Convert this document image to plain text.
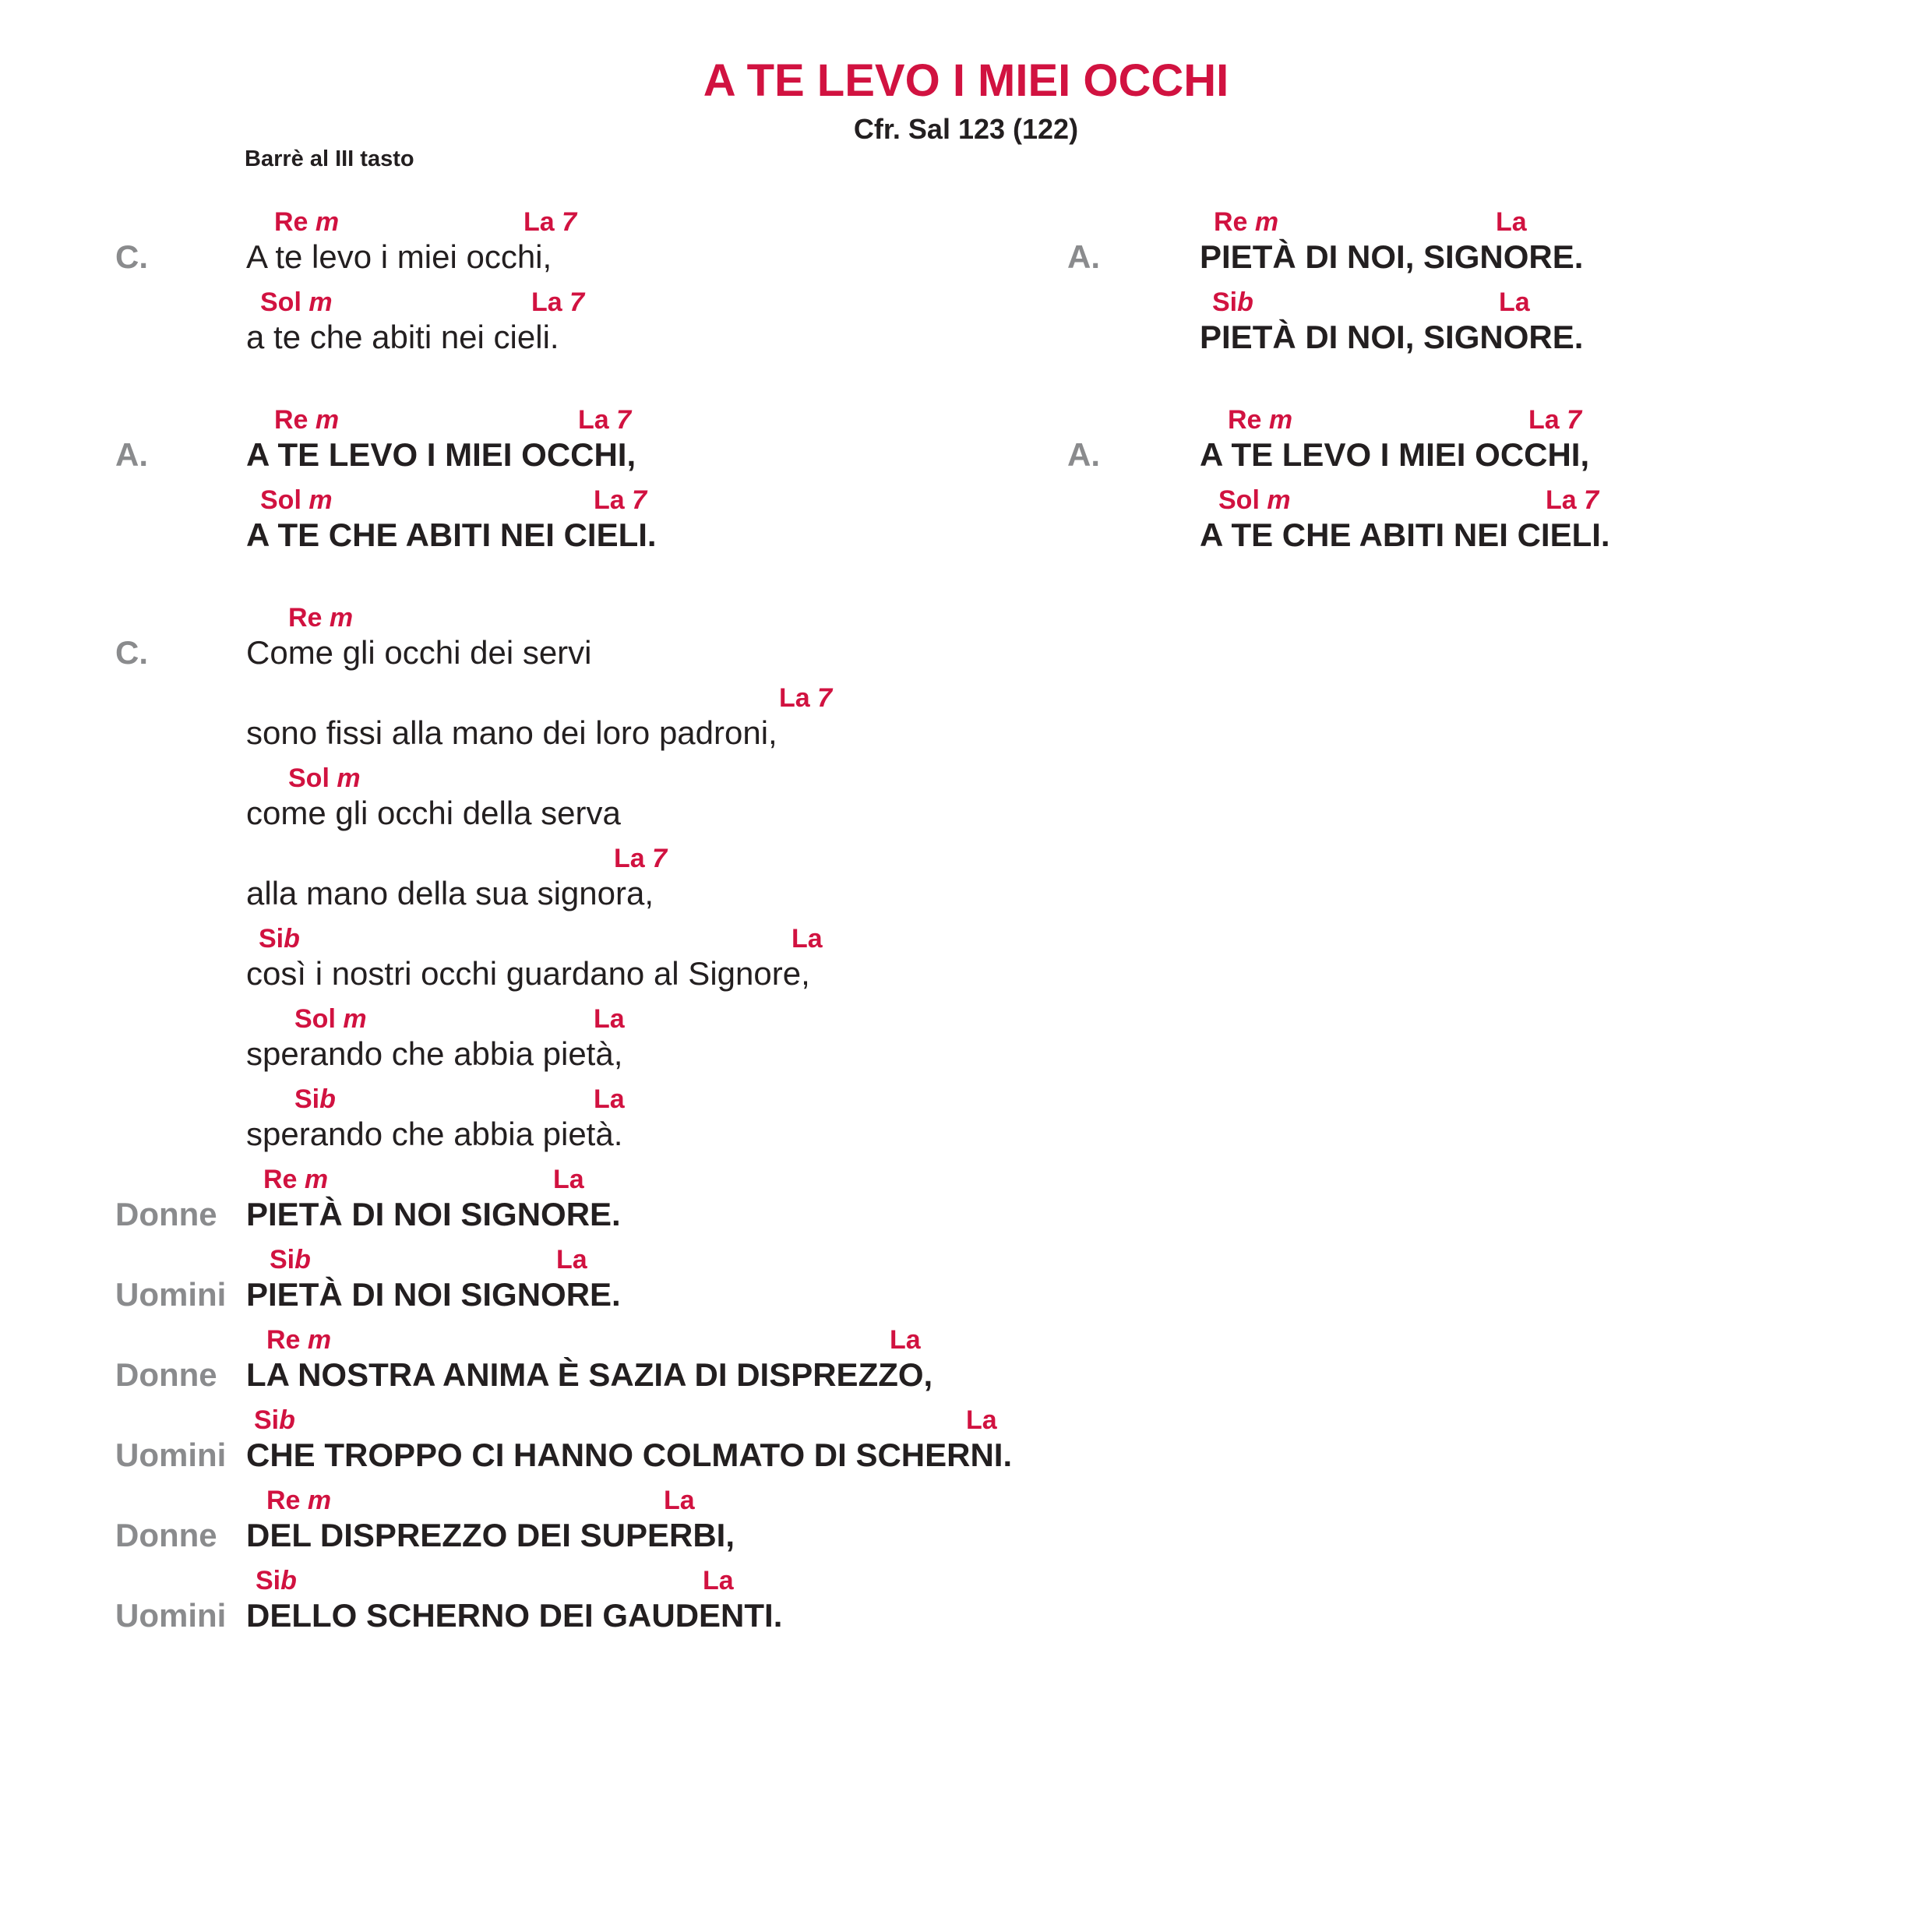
A TE LEVO I MIEI OCCHI
Cfr. Sal 123 (122)
Barrè al III tasto
C.
Re m	La 7
A te levo i miei occhi,
Sol m	La 7
a te che abiti nei cieli.
A.
Re m	La 7
A TE LEVO I MIEI OCCHI,
Sol m	La 7
A TE CHE ABITI NEI CIELI.
C.
Re m
Come gli occhi dei servi
La 7
sono fissi alla mano dei loro padroni,
Sol m
come gli occhi della serva
La 7
alla mano della sua signora,
Sib	La
così i nostri occhi guardano al Signore,
Sol m	La
sperando che abbia pietà,
Sib	La
sperando che abbia pietà.
Donne
Re m	La
PIETÀ DI NOI SIGNORE.
Uomini
Sib	La
PIETÀ DI NOI SIGNORE.
Donne
Re m	La
LA NOSTRA ANIMA È SAZIA DI DISPREZZO,
Uomini
Sib	La
CHE TROPPO CI HANNO COLMATO DI SCHERNI.
Donne
Re m	La
DEL DISPREZZO DEI SUPERBI,
Uomini
Sib	La
DELLO SCHERNO DEI GAUDENTI.
A.
Re m	La
PIETÀ DI NOI, SIGNORE.
Sib	La
PIETÀ DI NOI, SIGNORE.
A.
Re m	La 7
A TE LEVO I MIEI OCCHI,
Sol m	La 7
A TE CHE ABITI NEI CIELI.
